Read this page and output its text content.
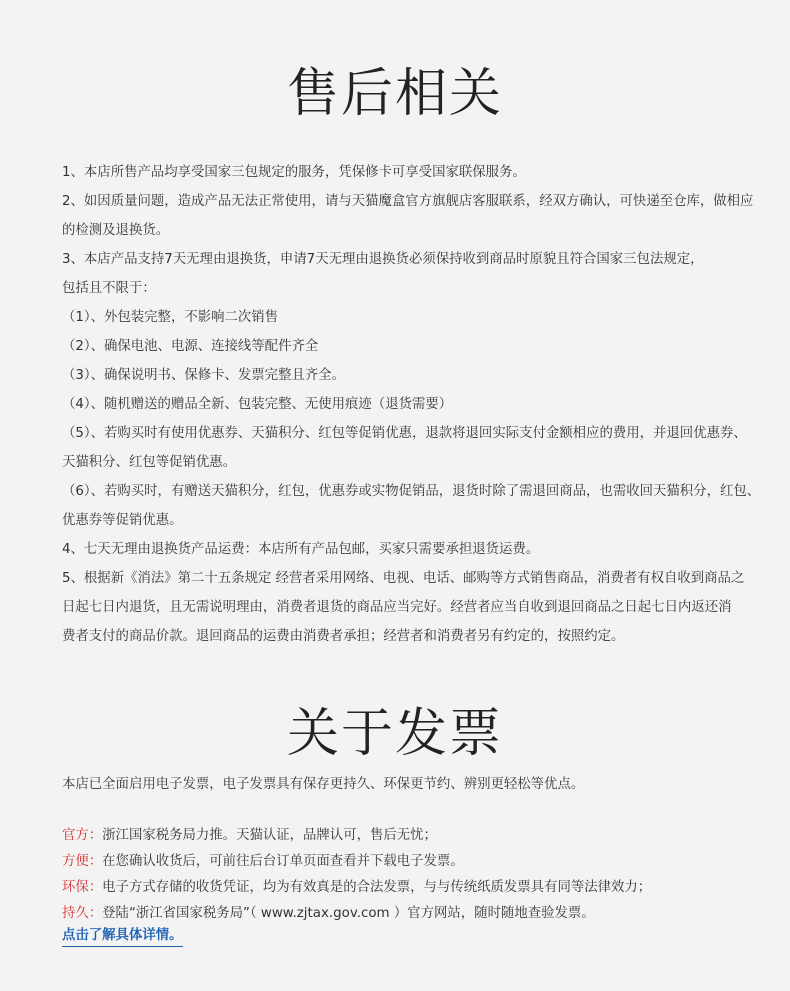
售后相关
1、本店所售产品均享受国家三包规定的服务，凭保修卡可享受国家联保服务。
2、如因质量问题，造成产品无法正常使用，请与天猫魔盒官方旗舰店客服联系，经双方确认，可快递至仓库，做相应
的检测及退换货。
3、本店产品支持7天无理由退换货，申请7天无理由退换货必须保持收到商品时原貌且符合国家三包法规定，
包括且不限于：
（1）、外包装完整，不影响二次销售
（2）、确保电池、电源、连接线等配件齐全
（3）、确保说明书、保修卡、发票完整且齐全。
（4）、随机赠送的赠品全新、包装完整、无使用痕迹（退货需要）
（5）、若购买时有使用优惠券、天猫积分、红包等促销优惠，退款将退回实际支付金额相应的费用，并退回优惠券、
天猫积分、红包等促销优惠。
（6）、若购买时，有赠送天猫积分，红包，优惠券或实物促销品，退货时除了需退回商品，也需收回天猫积分，红包、
优惠券等促销优惠。
4、七天无理由退换货产品运费：本店所有产品包邮，买家只需要承担退货运费。
5、根据新《消法》第二十五条规定 经营者采用网络、电视、电话、邮购等方式销售商品，消费者有权自收到商品之
日起七日内退货，且无需说明理由，消费者退货的商品应当完好。经营者应当自收到退回商品之日起七日内返还消
费者支付的商品价款。退回商品的运费由消费者承担；经营者和消费者另有约定的，按照约定。
关于发票

本店已全面启用电子发票，电子发票具有保存更持久、环保更节约、辨别更轻松等优点。

官方：浙江国家税务局力推。天猫认证，品牌认可，售后无忧；
方便：在您确认收货后，可前往后台订单页面查看并下载电子发票。
环保：电子方式存储的收货凭证，均为有效真是的合法发票，与与传统纸质发票具有同等法律效力；
持久：登陆“浙江省国家税务局”（ www.zjtax.gov.com ）官方网站，随时随地查验发票。
点击了解具体详情。
